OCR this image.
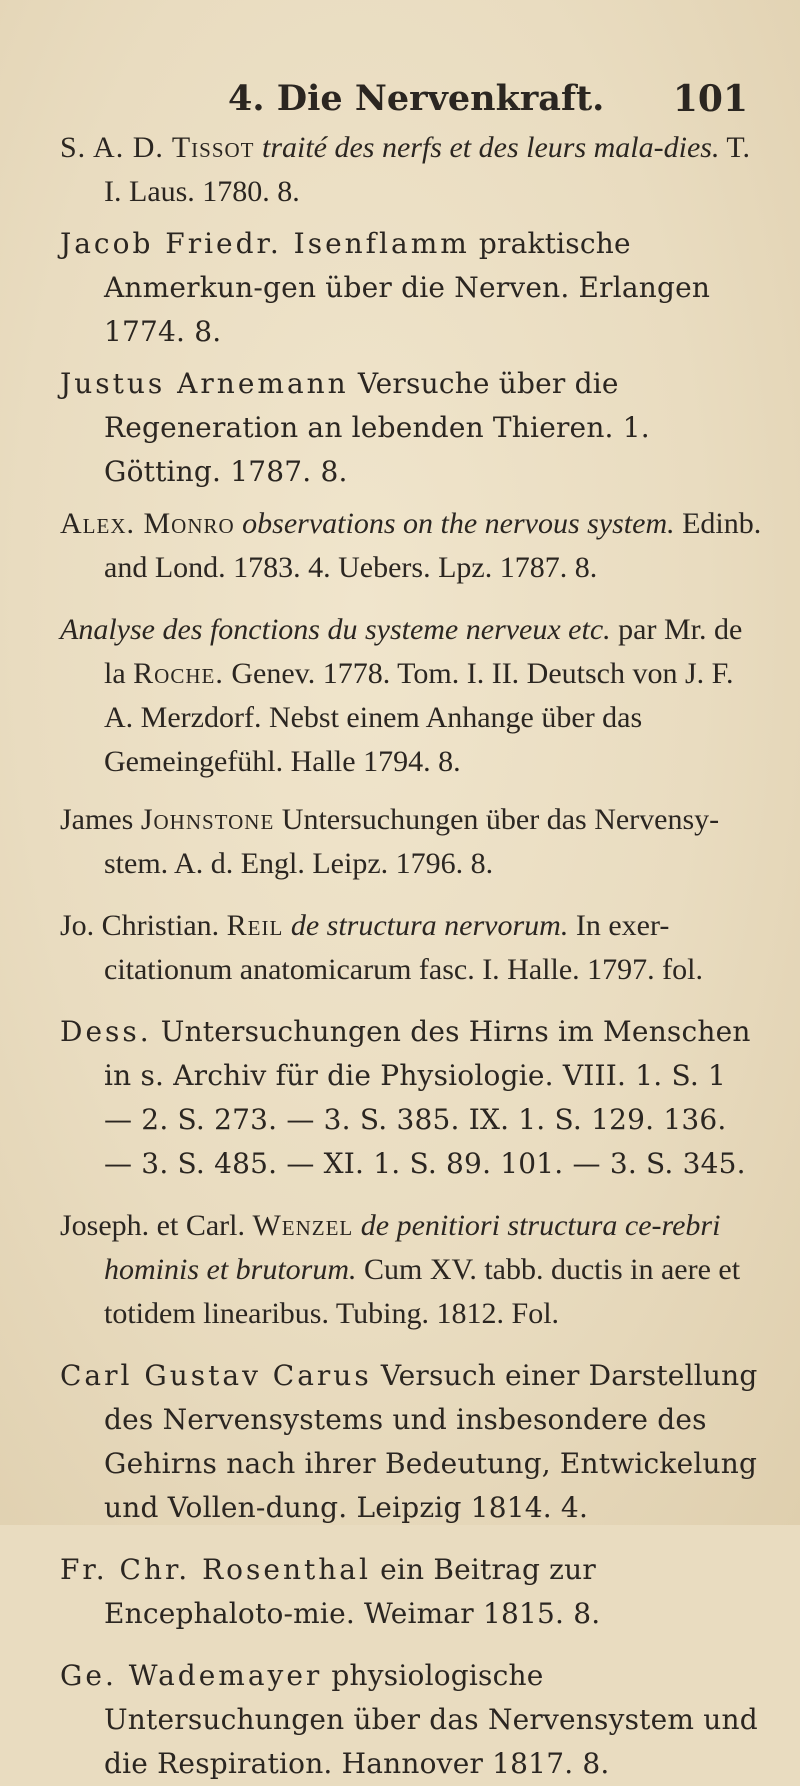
4. Die Nervenkraft. 101

S. A. D. Tissot traité des nerfs et des leurs mala-dies. T. I. Laus. 1780. 8.

Jacob Friedr. Isenflamm praktische Anmerkun-gen über die Nerven. Erlangen 1774. 8.

Justus Arnemann Versuche über die Regeneration an lebenden Thieren. 1. Götting. 1787. 8.

Alex. Monro observations on the nervous system. Edinb. and Lond. 1783. 4. Uebers. Lpz. 1787. 8.

Analyse des fonctions du systeme nerveux etc. par Mr. de la Roche. Genev. 1778. Tom. I. II. Deutsch von J. F. A. Merzdorf. Nebst einem Anhange über das Gemeingefühl. Halle 1794. 8.

James Johnstone Untersuchungen über das Nervensy-stem. A. d. Engl. Leipz. 1796. 8.

Jo. Christian. Reil de structura nervorum. In exer-citationum anatomicarum fasc. I. Halle. 1797. fol.

Dess. Untersuchungen des Hirns im Menschen in s. Archiv für die Physiologie. VIII. 1. S. 1 — 2. S. 273. — 3. S. 385. IX. 1. S. 129. 136. — 3. S. 485. — XI. 1. S. 89. 101. — 3. S. 345.

Joseph. et Carl. Wenzel de penitiori structura ce-rebri hominis et brutorum. Cum XV. tabb. ductis in aere et totidem linearibus. Tubing. 1812. Fol.

Carl Gustav Carus Versuch einer Darstellung des Nervensystems und insbesondere des Gehirns nach ihrer Bedeutung, Entwickelung und Vollen-dung. Leipzig 1814. 4.

Fr. Chr. Rosenthal ein Beitrag zur Encephaloto-mie. Weimar 1815. 8.

Ge. Wademayer physiologische Untersuchungen über das Nervensystem und die Respiration. Hannover 1817. 8.
